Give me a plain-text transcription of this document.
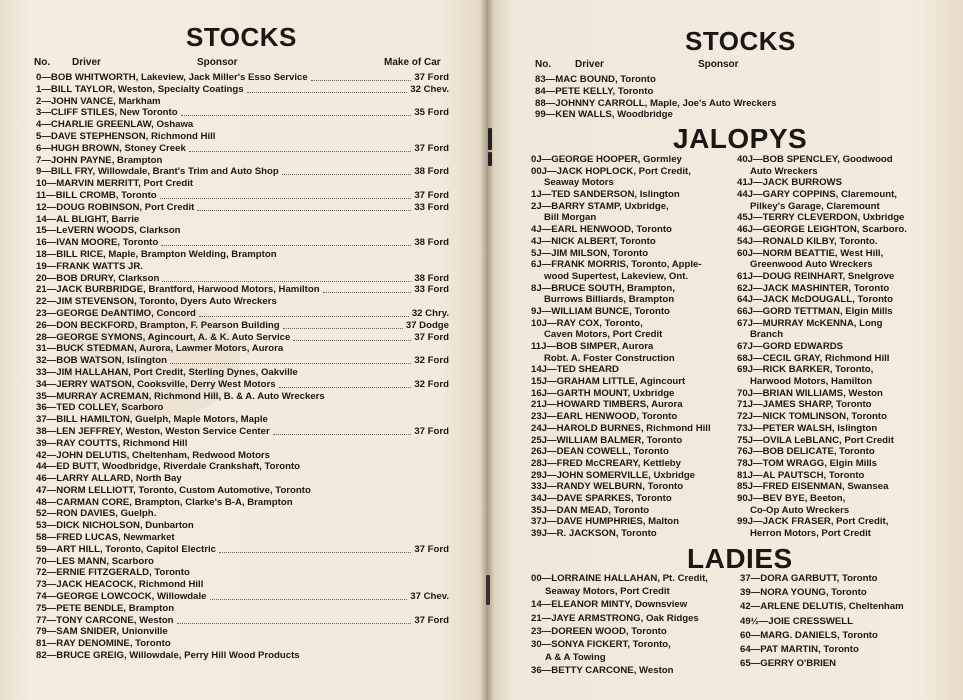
STOCKS
No. Driver	Sponsor	Make of Car
0—BOB WHITWORTH, Lakeview, Jack Miller's Esso Service	37 Ford
1—BILL TAYLOR, Weston, Specialty Coatings	32 Chev.
2—JOHN VANCE, Markham
3—CLIFF STILES, New Toronto	35 Ford
4—CHARLIE GREENLAW, Oshawa
5—DAVE STEPHENSON, Richmond Hill
6—HUGH BROWN, Stoney Creek	37 Ford
7—JOHN PAYNE, Brampton
9—BILL FRY, Willowdale, Brant's Trim and Auto Shop	38 Ford
10—MARVIN MERRITT, Port Credit
11—BILL CROMB, Toronto	37 Ford
12—DOUG ROBINSON, Port Credit	33 Ford
14—AL BLIGHT, Barrie
15—LeVERN WOODS, Clarkson
16—IVAN MOORE, Toronto	38 Ford
18—BILL RICE, Maple, Brampton Welding, Brampton
19—FRANK WATTS JR.
20—BOB DRURY, Clarkson	38 Ford
21—JACK BURBRIDGE, Brantford, Harwood Motors, Hamilton	33 Ford
22—JIM STEVENSON, Toronto, Dyers Auto Wreckers
23—GEORGE DeANTIMO, Concord	32 Chry.
26—DON BECKFORD, Brampton, F. Pearson Building	37 Dodge
28—GEORGE SYMONS, Agincourt, A. & K. Auto Service	37 Ford
31—BUCK STEDMAN, Aurora, Lawmer Motors, Aurora
32—BOB WATSON, Islington	32 Ford
33—JIM HALLAHAN, Port Credit, Sterling Dynes, Oakville
34—JERRY WATSON, Cooksville, Derry West Motors	32 Ford
35—MURRAY ACREMAN, Richmond Hill, B. & A. Auto Wreckers
36—TED COLLEY, Scarboro
37—BILL HAMILTON, Guelph, Maple Motors, Maple
38—LEN JEFFREY, Weston, Weston Service Center	37 Ford
39—RAY COUTTS, Richmond Hill
42—JOHN DELUTIS, Cheltenham, Redwood Motors
44—ED BUTT, Woodbridge, Riverdale Crankshaft, Toronto
46—LARRY ALLARD, North Bay
47—NORM LELLIOTT, Toronto, Custom Automotive, Toronto
48—CARMAN CORE, Brampton, Clarke's B-A, Brampton
52—RON DAVIES, Guelph.
53—DICK NICHOLSON, Dunbarton
58—FRED LUCAS, Newmarket
59—ART HILL, Toronto, Capitol Electric	37 Ford
70—LES MANN, Scarboro
72—ERNIE FITZGERALD, Toronto
73—JACK HEACOCK, Richmond Hill
74—GEORGE LOWCOCK, Willowdale	37 Chev.
75—PETE BENDLE, Brampton
77—TONY CARCONE, Weston	37 Ford
79—SAM SNIDER, Unionville
81—RAY DENOMINE, Toronto
82—BRUCE GREIG, Willowdale, Perry Hill Wood Products
STOCKS
No. Driver	Sponsor
83—MAC BOUND, Toronto
84—PETE KELLY, Toronto
88—JOHNNY CARROLL, Maple, Joe's Auto Wreckers
99—KEN WALLS, Woodbridge
JALOPYS
0J—GEORGE HOOPER, Gormley
00J—JACK HOPLOCK, Port Credit,
Seaway Motors
1J—TED SANDERSON, Islington
2J—BARRY STAMP, Uxbridge,
Bill Morgan
4J—EARL HENWOOD, Toronto
4J—NICK ALBERT, Toronto
5J—JIM MILSON, Toronto
6J—FRANK MORRIS, Toronto, Apple-
wood Supertest, Lakeview, Ont.
8J—BRUCE SOUTH, Brampton,
Burrows Billiards, Brampton
9J—WILLIAM BUNCE, Toronto
10J—RAY COX, Toronto,
Caven Motors, Port Credit
11J—BOB SIMPER, Aurora
Robt. A. Foster Construction
14J—TED SHEARD
15J—GRAHAM LITTLE, Agincourt
16J—GARTH MOUNT, Uxbridge
21J—HOWARD TIMBERS, Aurora
23J—EARL HENWOOD, Toronto
24J—HAROLD BURNES, Richmond Hill
25J—WILLIAM BALMER, Toronto
26J—DEAN COWELL, Toronto
28J—FRED McCREARY, Kettleby
29J—JOHN SOMERVILLE, Uxbridge
33J—RANDY WELBURN, Toronto
34J—DAVE SPARKES, Toronto
35J—DAN MEAD, Toronto
37J—DAVE HUMPHRIES, Malton
39J—R. JACKSON, Toronto
40J—BOB SPENCLEY, Goodwood
Auto Wreckers
41J—JACK BURROWS
44J—GARY COPPINS, Claremount,
Pilkey's Garage, Claremount
45J—TERRY CLEVERDON, Uxbridge
46J—GEORGE LEIGHTON, Scarboro.
54J—RONALD KILBY, Toronto.
60J—NORM BEATTIE, West Hill,
Greenwood Auto Wreckers
61J—DOUG REINHART, Snelgrove
62J—JACK MASHINTER, Toronto
64J—JACK McDOUGALL, Toronto
66J—GORD TETTMAN, Elgin Mills
67J—MURRAY McKENNA, Long
Branch
67J—GORD EDWARDS
68J—CECIL GRAY, Richmond Hill
69J—RICK BARKER, Toronto,
Harwood Motors, Hamilton
70J—BRIAN WILLIAMS, Weston
71J—JAMES SHARP, Toronto
72J—NICK TOMLINSON, Toronto
73J—PETER WALSH, Islington
75J—OVILA LeBLANC, Port Credit
76J—BOB DELICATE, Toronto
78J—TOM WRAGG, Elgin Mills
81J—AL PAUTSCH, Toronto
85J—FRED EISENMAN, Swansea
90J—BEV BYE, Beeton,
Co-Op Auto Wreckers
99J—JACK FRASER, Port Credit,
Herron Motors, Port Credit
LADIES
00—LORRAINE HALLAHAN, Pt. Credit,
Seaway Motors, Port Credit
14—ELEANOR MINTY, Downsview
21—JAYE ARMSTRONG, Oak Ridges
23—DOREEN WOOD, Toronto
30—SONYA FICKERT, Toronto,
A & A Towing
36—BETTY CARCONE, Weston
37—DORA GARBUTT, Toronto
39—NORA YOUNG, Toronto
42—ARLENE DELUTIS, Cheltenham
49½—JOIE CRESSWELL
60—MARG. DANIELS, Toronto
64—PAT MARTIN, Toronto
65—GERRY O'BRIEN
